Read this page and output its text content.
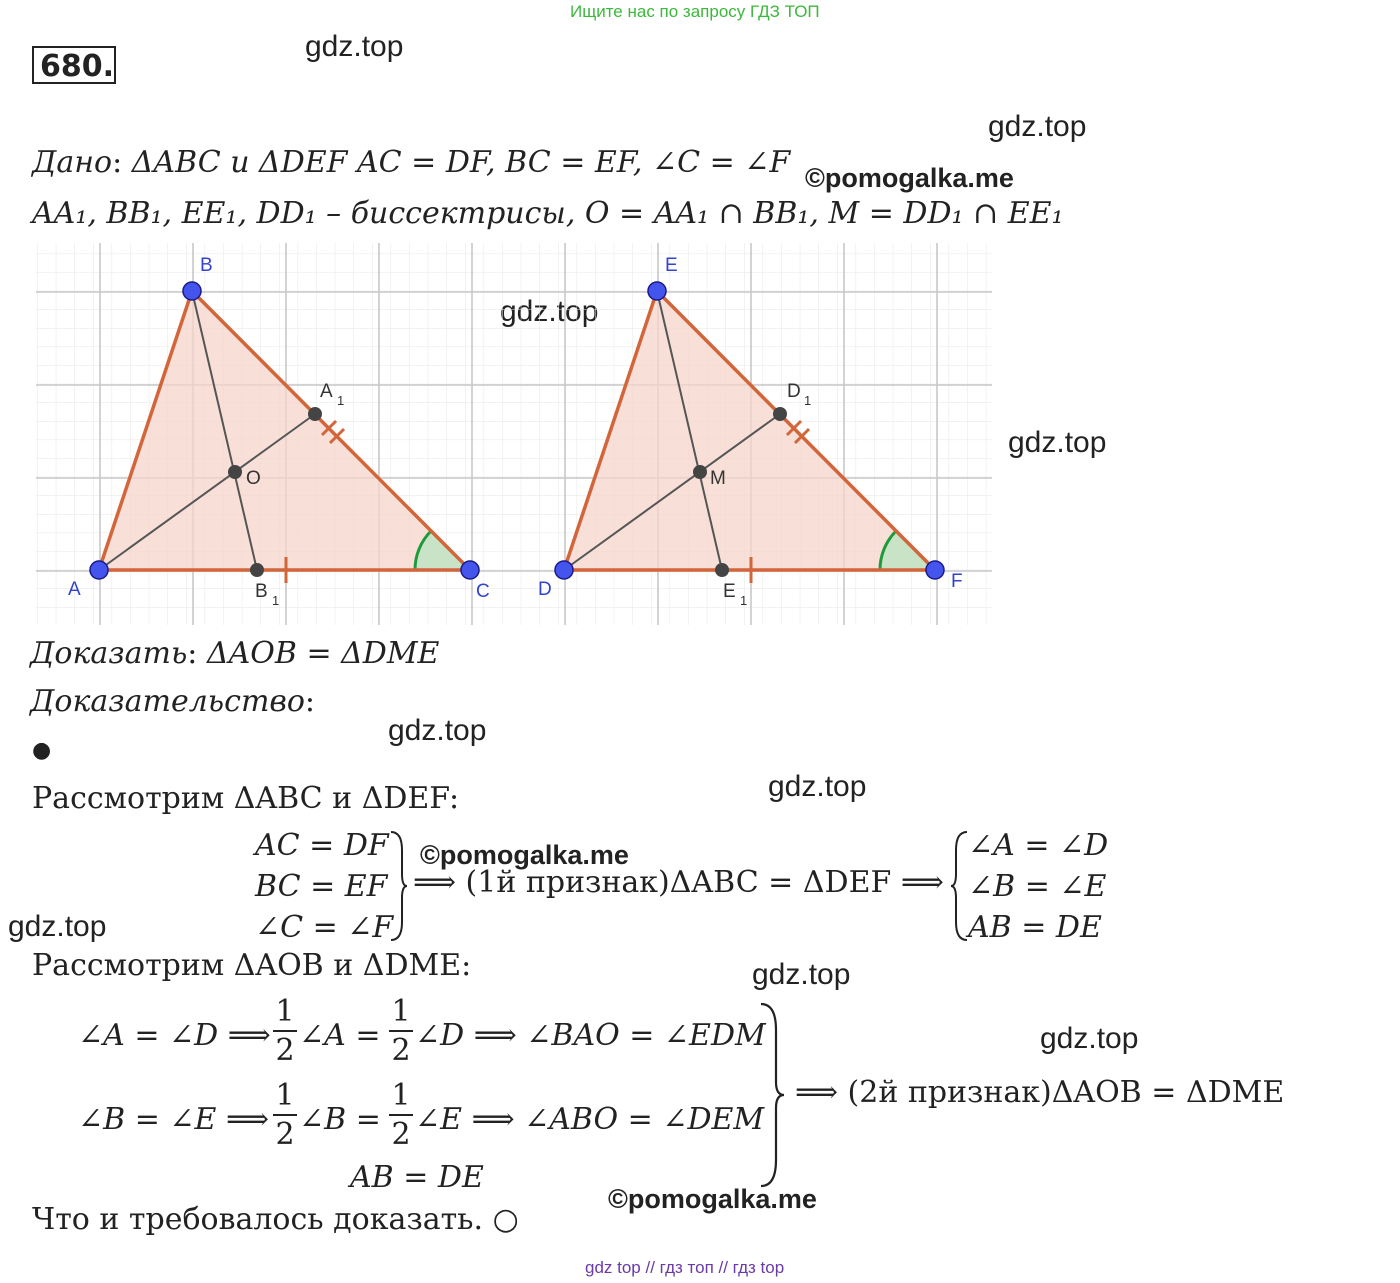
Ищите нас по запросу ГДЗ ТОП
680.
gdz.top
gdz.top
©pomogalka.me
gdz.top
gdz.top
gdz.top
©pomogalka.me
gdz.top
gdz.top
gdz.top
©pomogalka.me
Дано: ΔABC и ΔDEF AC = DF, BC = EF, ∠C = ∠F
AA₁, BB₁, EE₁, DD₁ – биссектрисы, O = AA₁ ∩ BB₁, M = DD₁ ∩ EE₁
B
A	C
A 1
B 1
O
E
D	F
D 1
E 1
M
Доказать: ΔAOB = ΔDME
Доказательство:
●
Рассмотрим ΔABC и ΔDEF:
AC = DF
BC = EF
∠C = ∠F
⟹ (1й признак)ΔABC = ΔDEF ⟹
∠A = ∠D
∠B = ∠E
AB = DE
Рассмотрим ΔAOB и ΔDME:
∠A = ∠D ⟹
1
2 ∠A =
1
2 ∠D ⟹ ∠BAO = ∠EDM
∠B = ∠E ⟹
1
2 ∠B =
1
2 ∠E ⟹ ∠ABO = ∠DEM
AB = DE
⟹ (2й признак)ΔAOB = ΔDME
Что и требовалось доказать. ○
gdz top // гдз топ // гдз top
